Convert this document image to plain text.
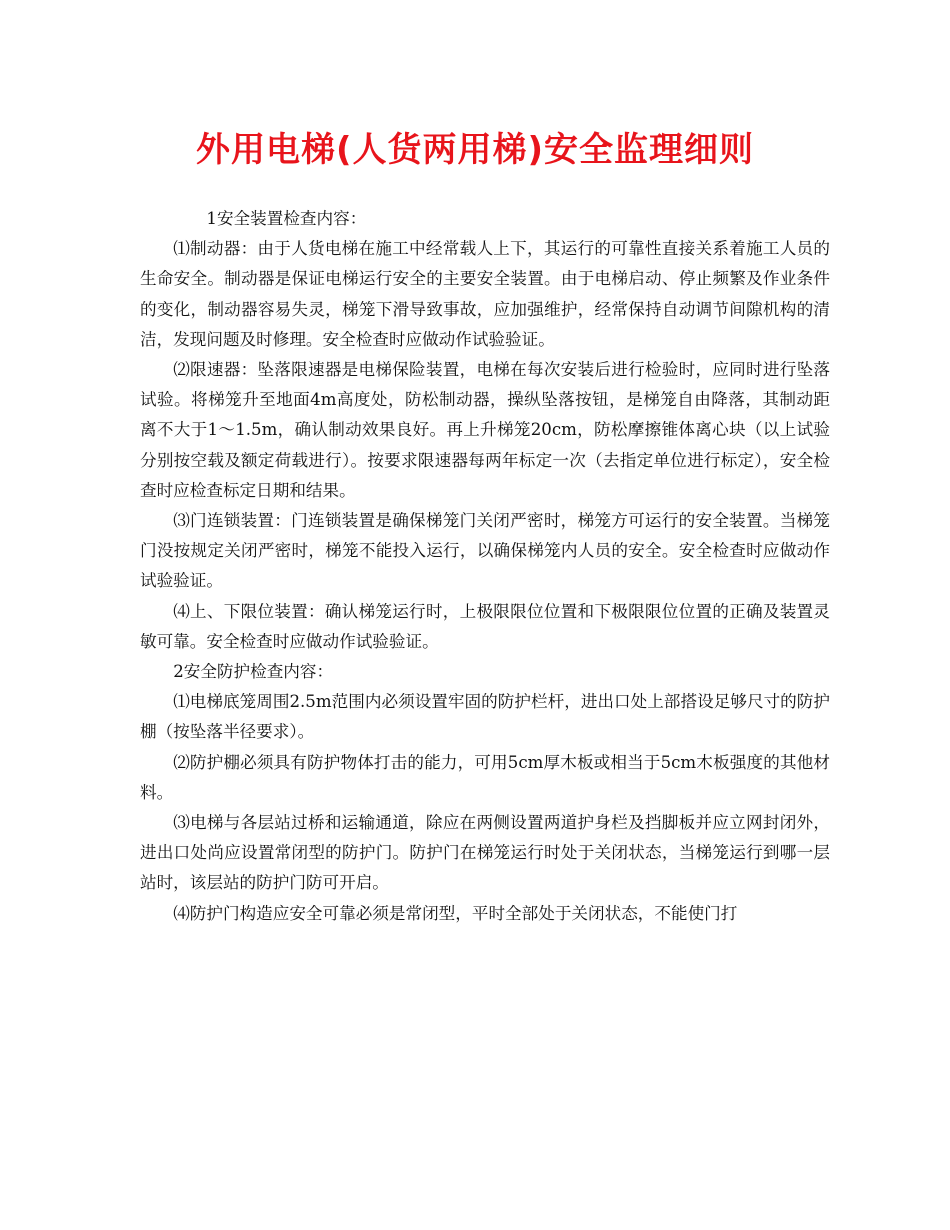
外用电梯(人货两用梯)安全监理细则

1安全装置检查内容：

⑴制动器：由于人货电梯在施工中经常载人上下，其运行的可靠性直接关系着施工人员的生命安全。制动器是保证电梯运行安全的主要安全装置。由于电梯启动、停止频繁及作业条件的变化，制动器容易失灵，梯笼下滑导致事故，应加强维护，经常保持自动调节间隙机构的清洁，发现问题及时修理。安全检查时应做动作试验验证。

⑵限速器：坠落限速器是电梯保险装置，电梯在每次安装后进行检验时，应同时进行坠落试验。将梯笼升至地面4m高度处，防松制动器，操纵坠落按钮，是梯笼自由降落，其制动距离不大于1～1.5m，确认制动效果良好。再上升梯笼20cm，防松摩擦锥体离心块（以上试验分别按空载及额定荷载进行）。按要求限速器每两年标定一次（去指定单位进行标定），安全检查时应检查标定日期和结果。

⑶门连锁装置：门连锁装置是确保梯笼门关闭严密时，梯笼方可运行的安全装置。当梯笼门没按规定关闭严密时，梯笼不能投入运行，以确保梯笼内人员的安全。安全检查时应做动作试验验证。

⑷上、下限位装置：确认梯笼运行时，上极限限位位置和下极限限位位置的正确及装置灵敏可靠。安全检查时应做动作试验验证。

2安全防护检查内容：

⑴电梯底笼周围2.5m范围内必须设置牢固的防护栏杆，进出口处上部搭设足够尺寸的防护棚（按坠落半径要求）。

⑵防护棚必须具有防护物体打击的能力，可用5cm厚木板或相当于5cm木板强度的其他材料。

⑶电梯与各层站过桥和运输通道，除应在两侧设置两道护身栏及挡脚板并应立网封闭外，进出口处尚应设置常闭型的防护门。防护门在梯笼运行时处于关闭状态，当梯笼运行到哪一层站时，该层站的防护门防可开启。

⑷防护门构造应安全可靠必须是常闭型，平时全部处于关闭状态，不能使门打
